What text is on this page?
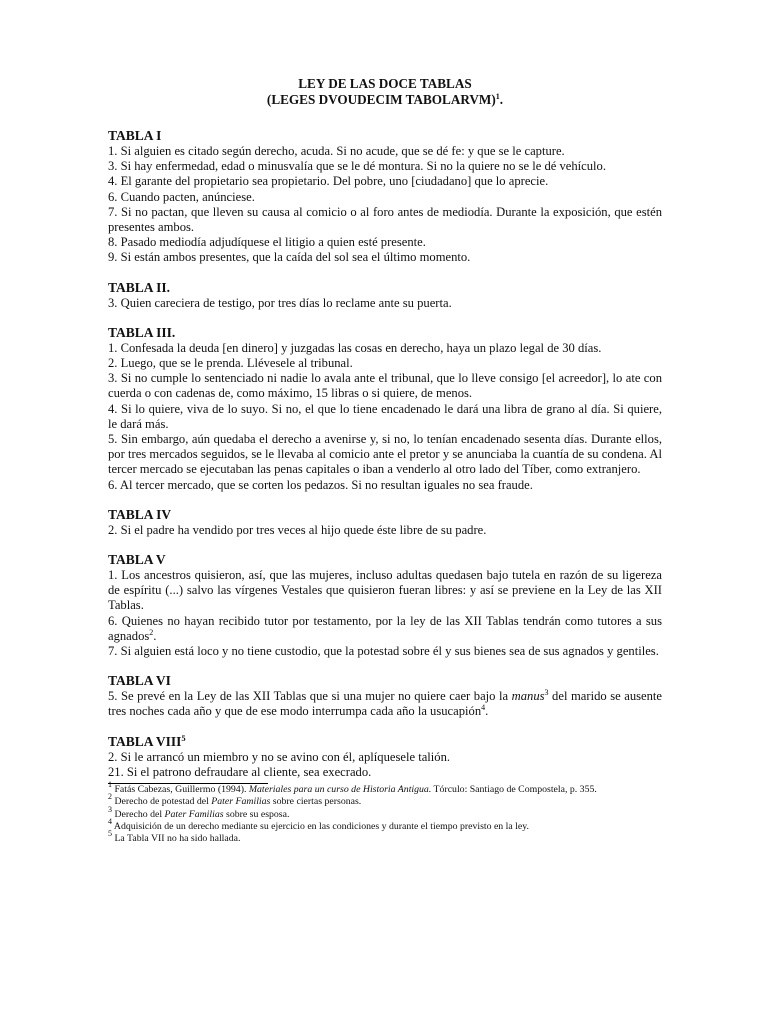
LEY DE LAS DOCE TABLAS
(LEGES DVOUDECIM TABOLARVM)$^1$.
TABLA I
1. Si alguien es citado según derecho, acuda. Si no acude, que se dé fe: y que se le capture.
3. Si hay enfermedad, edad o minusvalía que se le dé montura. Si no la quiere no se le dé vehículo.
4. El garante del propietario sea propietario. Del pobre, uno [ciudadano] que lo aprecie.
6. Cuando pacten, anúnciese.
7. Si no pactan, que lleven su causa al comicio o al foro antes de mediodía. Durante la exposición, que estén presentes ambos.
8. Pasado mediodía adjudíquese el litigio a quien esté presente.
9. Si están ambos presentes, que la caída del sol sea el último momento.
TABLA II.
3. Quien careciera de testigo, por tres días lo reclame ante su puerta.
TABLA III.
1. Confesada la deuda [en dinero] y juzgadas las cosas en derecho, haya un plazo legal de 30 días.
2. Luego, que se le prenda. Llévesele al tribunal.
3. Si no cumple lo sentenciado ni nadie lo avala ante el tribunal, que lo lleve consigo [el acreedor], lo ate con cuerda o con cadenas de, como máximo, 15 libras o si quiere, de menos.
4. Si lo quiere, viva de lo suyo. Si no, el que lo tiene encadenado le dará una libra de grano al día. Si quiere, le dará más.
5. Sin embargo, aún quedaba el derecho a avenirse y, si no, lo tenían encadenado sesenta días. Durante ellos, por tres mercados seguidos, se le llevaba al comicio ante el pretor y se anunciaba la cuantía de su condena. Al tercer mercado se ejecutaban las penas capitales o iban a venderlo al otro lado del Tíber, como extranjero.
6. Al tercer mercado, que se corten los pedazos. Si no resultan iguales no sea fraude.
TABLA IV
2. Si el padre ha vendido por tres veces al hijo quede éste libre de su padre.
TABLA V
1. Los ancestros quisieron, así, que las mujeres, incluso adultas quedasen bajo tutela en razón de su ligereza de espíritu (...) salvo las vírgenes Vestales que quisieron fueran libres: y así se previene en la Ley de las XII Tablas.
6. Quienes no hayan recibido tutor por testamento, por la ley de las XII Tablas tendrán como tutores a sus agnados$^2$.
7. Si alguien está loco y no tiene custodio, que la potestad sobre él y sus bienes sea de sus agnados y gentiles.
TABLA VI
5. Se prevé en la Ley de las XII Tablas que si una mujer no quiere caer bajo la manus$^3$ del marido se ausente tres noches cada año y que de ese modo interrumpa cada año la usucapión$^4$.
TABLA VIII$^5$
2. Si le arrancó un miembro y no se avino con él, aplíquesele talión.
21. Si el patrono defraudare al cliente, sea execrado.
$^1$ Fatás Cabezas, Guillermo (1994). Materiales para un curso de Historia Antigua. Tórculo: Santiago de Compostela, p. 355.
$^2$ Derecho de potestad del Pater Familias sobre ciertas personas.
$^3$ Derecho del Pater Familias sobre su esposa.
$^4$ Adquisición de un derecho mediante su ejercicio en las condiciones y durante el tiempo previsto en la ley.
$^5$ La Tabla VII no ha sido hallada.
